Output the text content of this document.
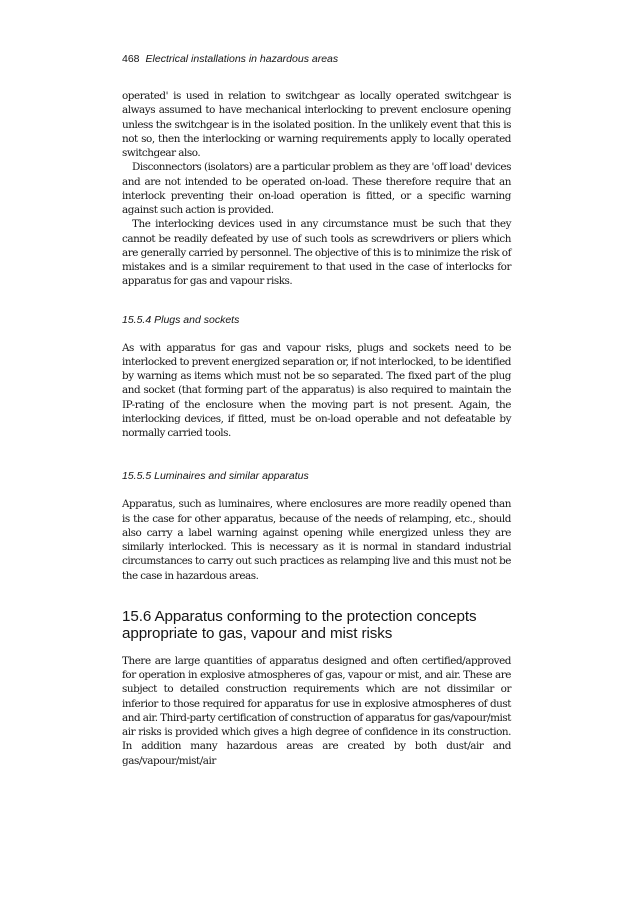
468 Electrical installations in hazardous areas

operated' is used in relation to switchgear as locally operated switchgear is always assumed to have mechanical interlocking to prevent enclosure opening unless the switchgear is in the isolated position. In the unlikely event that this is not so, then the interlocking or warning requirements apply to locally operated switchgear also.

Disconnectors (isolators) are a particular problem as they are 'off load' devices and are not intended to be operated on-load. These therefore require that an interlock preventing their on-load operation is fitted, or a specific warning against such action is provided.

The interlocking devices used in any circumstance must be such that they cannot be readily defeated by use of such tools as screwdrivers or pliers which are generally carried by personnel. The objective of this is to minimize the risk of mistakes and is a similar requirement to that used in the case of interlocks for apparatus for gas and vapour risks.

15.5.4 Plugs and sockets

As with apparatus for gas and vapour risks, plugs and sockets need to be interlocked to prevent energized separation or, if not interlocked, to be identified by warning as items which must not be so separated. The fixed part of the plug and socket (that forming part of the apparatus) is also required to maintain the IP-rating of the enclosure when the moving part is not present. Again, the interlocking devices, if fitted, must be on-load operable and not defeatable by normally carried tools.

15.5.5 Luminaires and similar apparatus

Apparatus, such as luminaires, where enclosures are more readily opened than is the case for other apparatus, because of the needs of relamping, etc., should also carry a label warning against opening while energized unless they are similarly interlocked. This is necessary as it is normal in standard industrial circumstances to carry out such practices as relamping live and this must not be the case in hazardous areas.

15.6 Apparatus conforming to the protection concepts
appropriate to gas, vapour and mist risks

There are large quantities of apparatus designed and often certified/approved for operation in explosive atmospheres of gas, vapour or mist, and air. These are subject to detailed construction requirements which are not dissimilar or inferior to those required for apparatus for use in explosive atmospheres of dust and air. Third-party certification of construction of apparatus for gas/vapour/mist air risks is provided which gives a high degree of confidence in its construction. In addition many hazardous areas are created by both dust/air and gas/vapour/mist/air
